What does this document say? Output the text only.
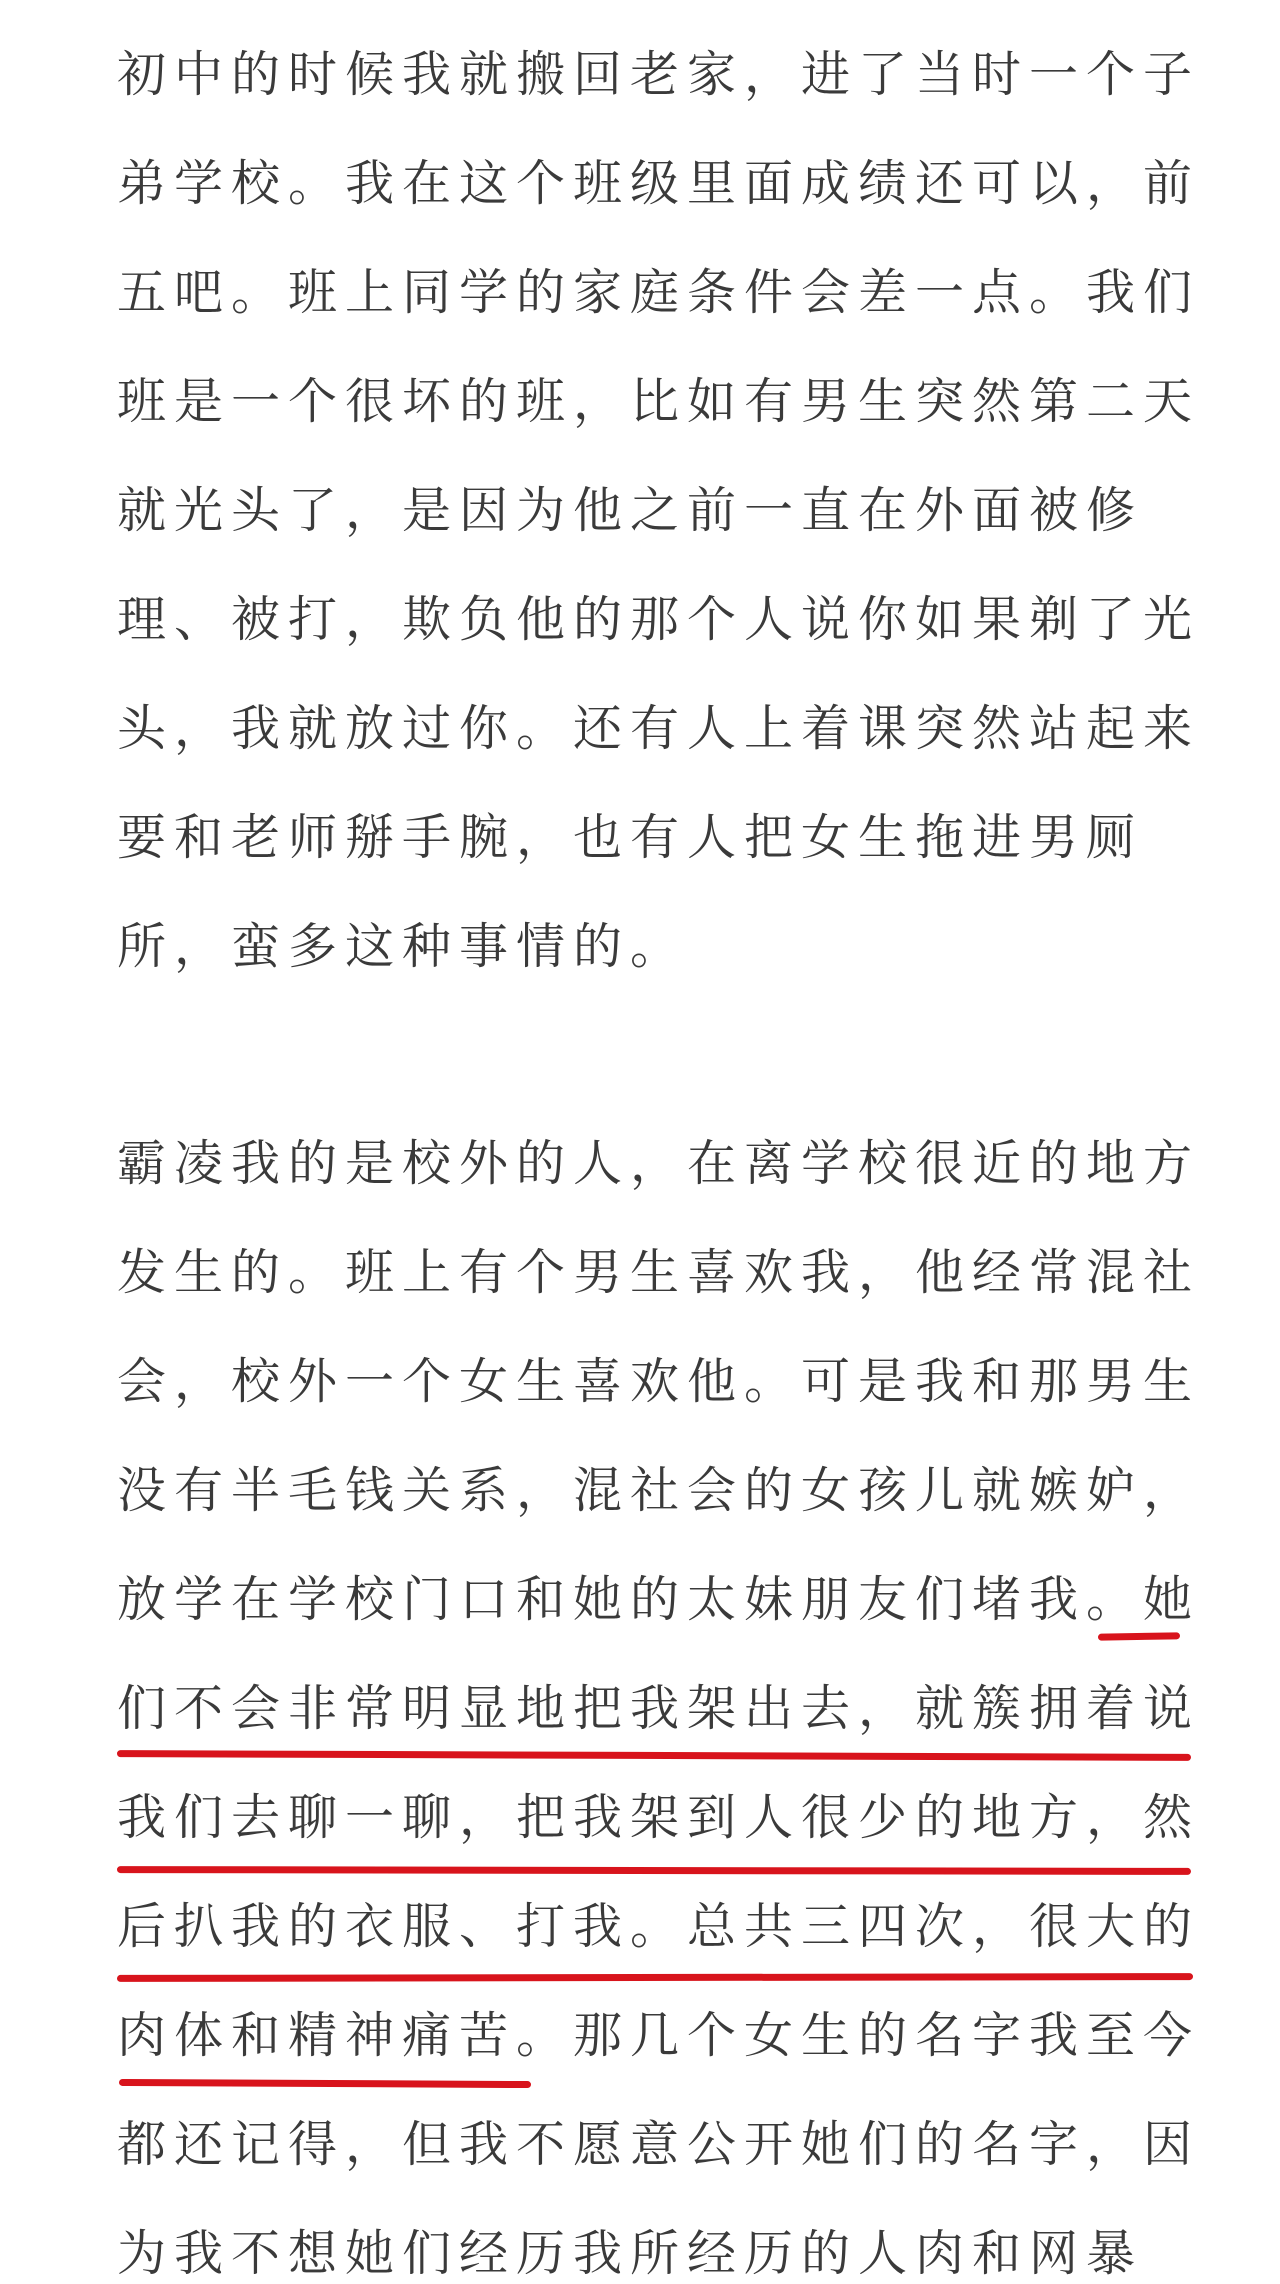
初中的时候我就搬回老家，进了当时一个子
弟学校。我在这个班级里面成绩还可以，前
五吧。班上同学的家庭条件会差一点。我们
班是一个很坏的班，比如有男生突然第二天
就光头了，是因为他之前一直在外面被修
理、被打，欺负他的那个人说你如果剃了光
头，我就放过你。还有人上着课突然站起来
要和老师掰手腕，也有人把女生拖进男厕
所，蛮多这种事情的。
霸凌我的是校外的人，在离学校很近的地方
发生的。班上有个男生喜欢我，他经常混社
会，校外一个女生喜欢他。可是我和那男生
没有半毛钱关系，混社会的女孩儿就嫉妒，
放学在学校门口和她的太妹朋友们堵我。她
们不会非常明显地把我架出去，就簇拥着说
我们去聊一聊，把我架到人很少的地方，然
后扒我的衣服、打我。总共三四次，很大的
肉体和精神痛苦。那几个女生的名字我至今
都还记得，但我不愿意公开她们的名字，因
为我不想她们经历我所经历的人肉和网暴
